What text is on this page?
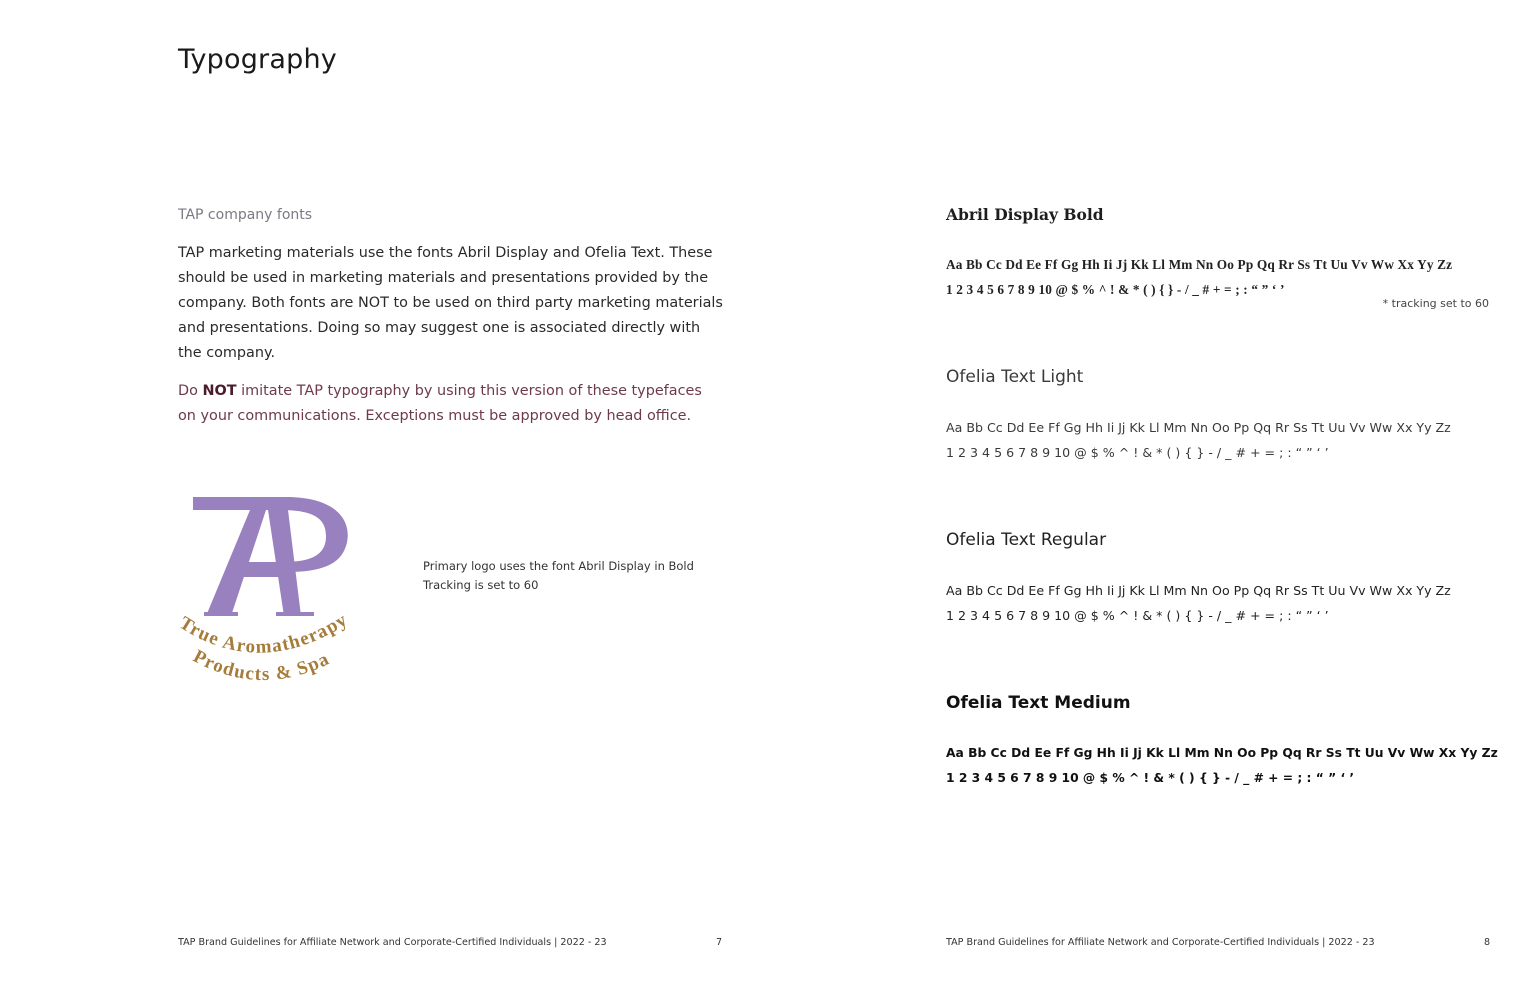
Typography
TAP company fonts
TAP marketing materials use the fonts Abril Display and Ofelia Text. These should be used in marketing materials and presentations provided by the company. Both fonts are NOT to be used on third party marketing materials and presentations. Doing so may suggest one is associated directly with the company.
Do NOT imitate TAP typography by using this version of these typefaces on your communications. Exceptions must be approved by head office.
True Aromatherapy
Products & Spa
Primary logo uses the font Abril Display in Bold
Tracking is set to 60
Abril Display Bold
Aa Bb Cc Dd Ee Ff Gg Hh Ii Jj Kk Ll Mm Nn Oo Pp Qq Rr Ss Tt Uu Vv Ww Xx Yy Zz
1 2 3 4 5 6 7 8 9 10 @ $ % ^ ! & * ( ) { } - / _ # + = ; : “ ” ‘ ’
* tracking set to 60
Ofelia Text Light
Aa Bb Cc Dd Ee Ff Gg Hh Ii Jj Kk Ll Mm Nn Oo Pp Qq Rr Ss Tt Uu Vv Ww Xx Yy Zz
1 2 3 4 5 6 7 8 9 10 @ $ % ^ ! & * ( ) { } - / _ # + = ; : “ ” ‘ ’
Ofelia Text Regular
Aa Bb Cc Dd Ee Ff Gg Hh Ii Jj Kk Ll Mm Nn Oo Pp Qq Rr Ss Tt Uu Vv Ww Xx Yy Zz
1 2 3 4 5 6 7 8 9 10 @ $ % ^ ! & * ( ) { } - / _ # + = ; : “ ” ‘ ’
Ofelia Text Medium
Aa Bb Cc Dd Ee Ff Gg Hh Ii Jj Kk Ll Mm Nn Oo Pp Qq Rr Ss Tt Uu Vv Ww Xx Yy Zz
1 2 3 4 5 6 7 8 9 10 @ $ % ^ ! & * ( ) { } - / _ # + = ; : “ ” ‘ ’
TAP Brand Guidelines for Affiliate Network and Corporate-Certified Individuals | 2022 - 23	7	TAP Brand Guidelines for Affiliate Network and Corporate-Certified Individuals | 2022 - 23	8
